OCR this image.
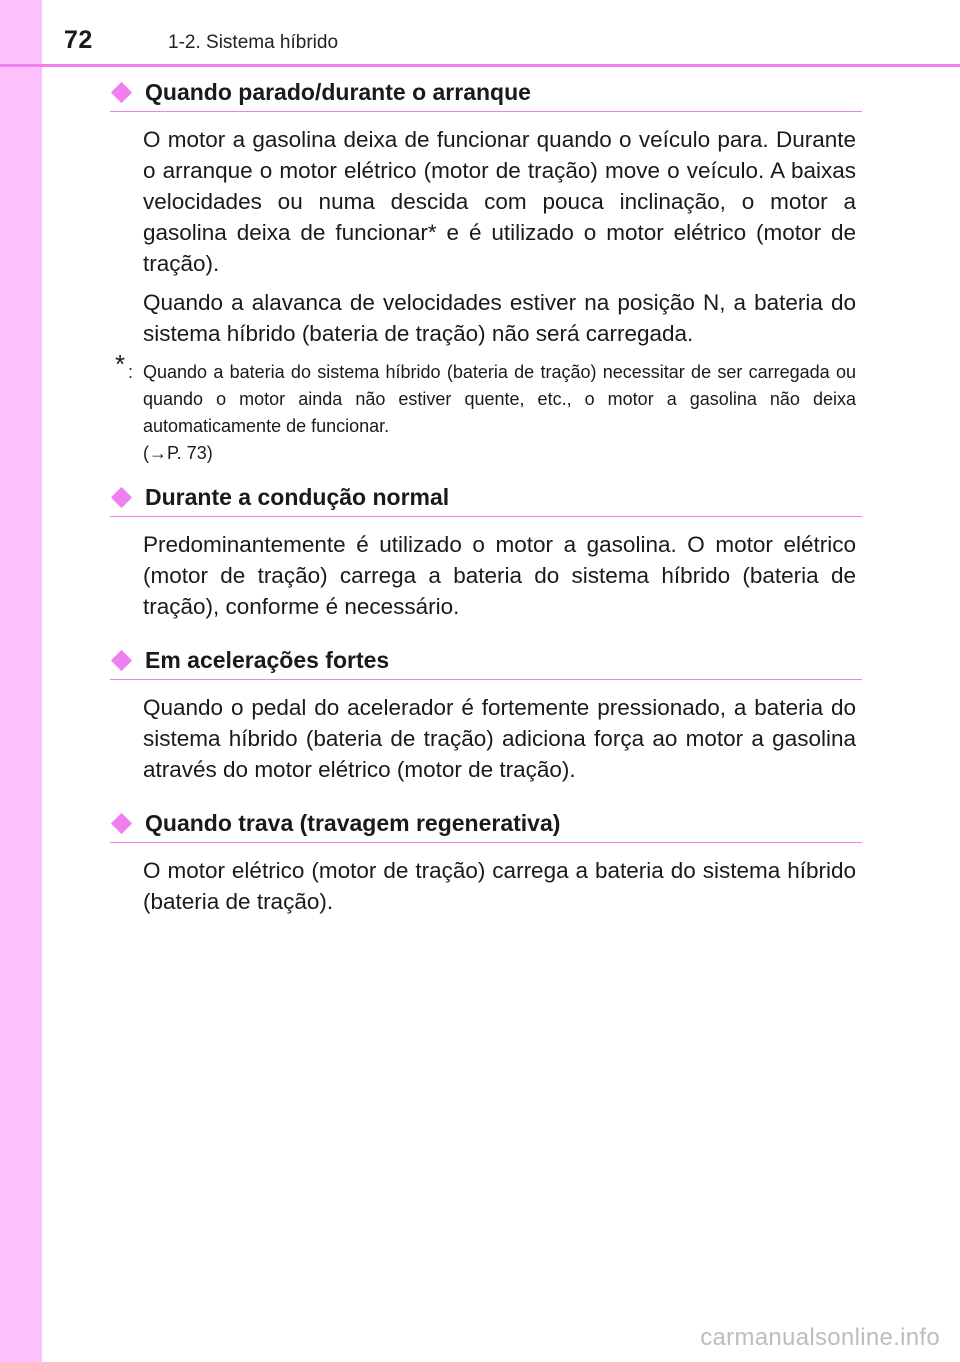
72	1-2. Sistema híbrido
Quando parado/durante o arranque

O motor a gasolina deixa de funcionar quando o veículo para. Durante o arranque o motor elétrico (motor de tração) move o veículo. A baixas velocidades ou numa descida com pouca inclinação, o motor a gasolina deixa de funcionar* e é utilizado o motor elétrico (motor de tração).

Quando a alavanca de velocidades estiver na posição N, a bateria do sistema híbrido (bateria de tração) não será carregada.

* : Quando a bateria do sistema híbrido (bateria de tração) necessitar de ser carregada ou quando o motor ainda não estiver quente, etc., o motor a gasolina não deixa automaticamente de funcionar.
(→P. 73)
Durante a condução normal

Predominantemente é utilizado o motor a gasolina. O motor elétrico (motor de tração) carrega a bateria do sistema híbrido (bateria de tração), conforme é necessário.

Em acelerações fortes

Quando o pedal do acelerador é fortemente pressionado, a bateria do sistema híbrido (bateria de tração) adiciona força ao motor a gasolina através do motor elétrico (motor de tração).

Quando trava (travagem regenerativa)

O motor elétrico (motor de tração) carrega a bateria do sistema híbrido (bateria de tração).

carmanualsonline.info
